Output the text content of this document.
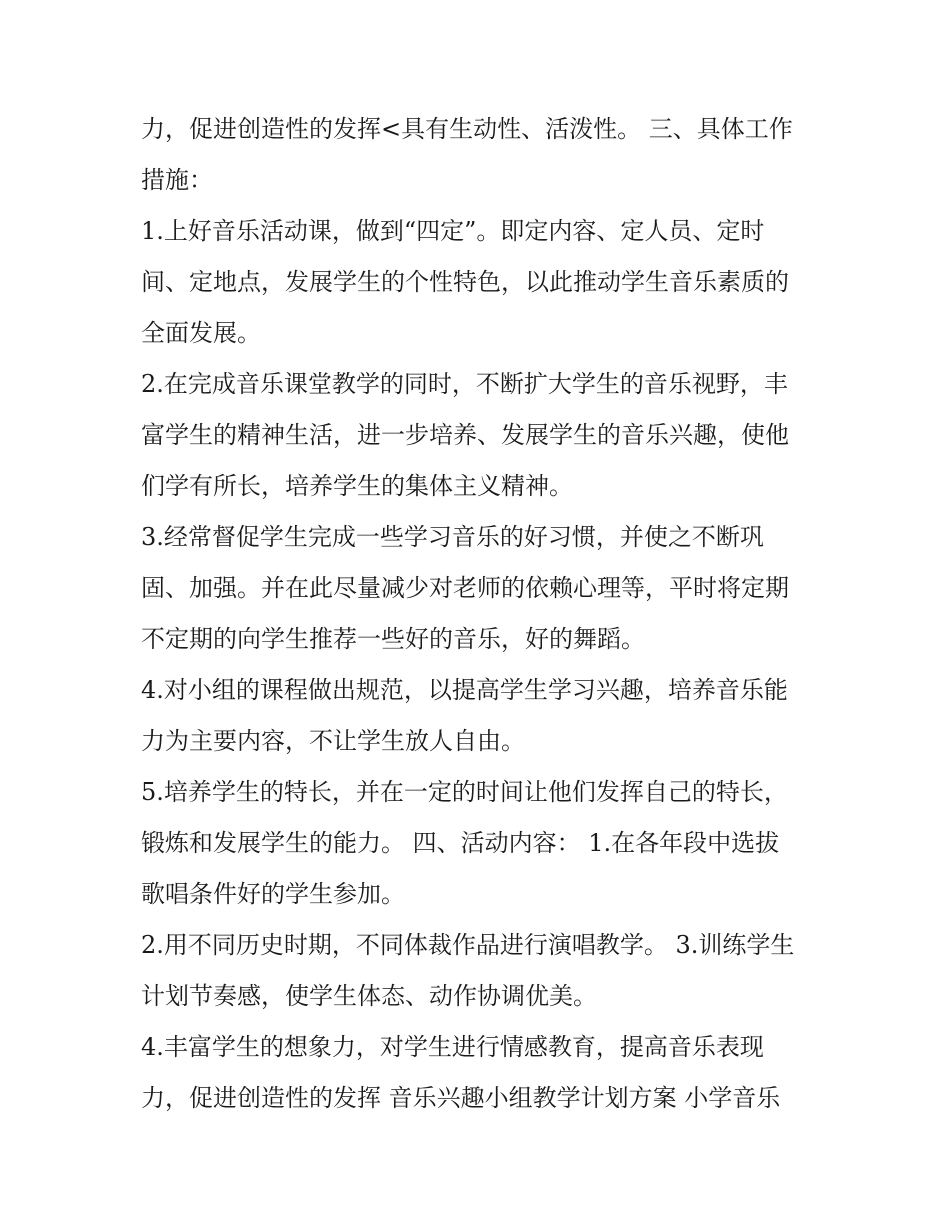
力，促进创造性的发挥<具有生动性、活泼性。 三、具体工作
措施：
1.上好音乐活动课，做到“四定”。即定内容、定人员、定时
间、定地点，发展学生的个性特色，以此推动学生音乐素质的
全面发展。
2.在完成音乐课堂教学的同时，不断扩大学生的音乐视野，丰
富学生的精神生活，进一步培养、发展学生的音乐兴趣，使他
们学有所长，培养学生的集体主义精神。
3.经常督促学生完成一些学习音乐的好习惯，并使之不断巩
固、加强。并在此尽量减少对老师的依赖心理等，平时将定期
不定期的向学生推荐一些好的音乐，好的舞蹈。
4.对小组的课程做出规范，以提高学生学习兴趣，培养音乐能
力为主要内容，不让学生放人自由。
5.培养学生的特长，并在一定的时间让他们发挥自己的特长，
锻炼和发展学生的能力。 四、活动内容： 1.在各年段中选拔
歌唱条件好的学生参加。
2.用不同历史时期，不同体裁作品进行演唱教学。 3.训练学生
计划节奏感，使学生体态、动作协调优美。
4.丰富学生的想象力，对学生进行情感教育，提高音乐表现
力，促进创造性的发挥 音乐兴趣小组教学计划方案 小学音乐
